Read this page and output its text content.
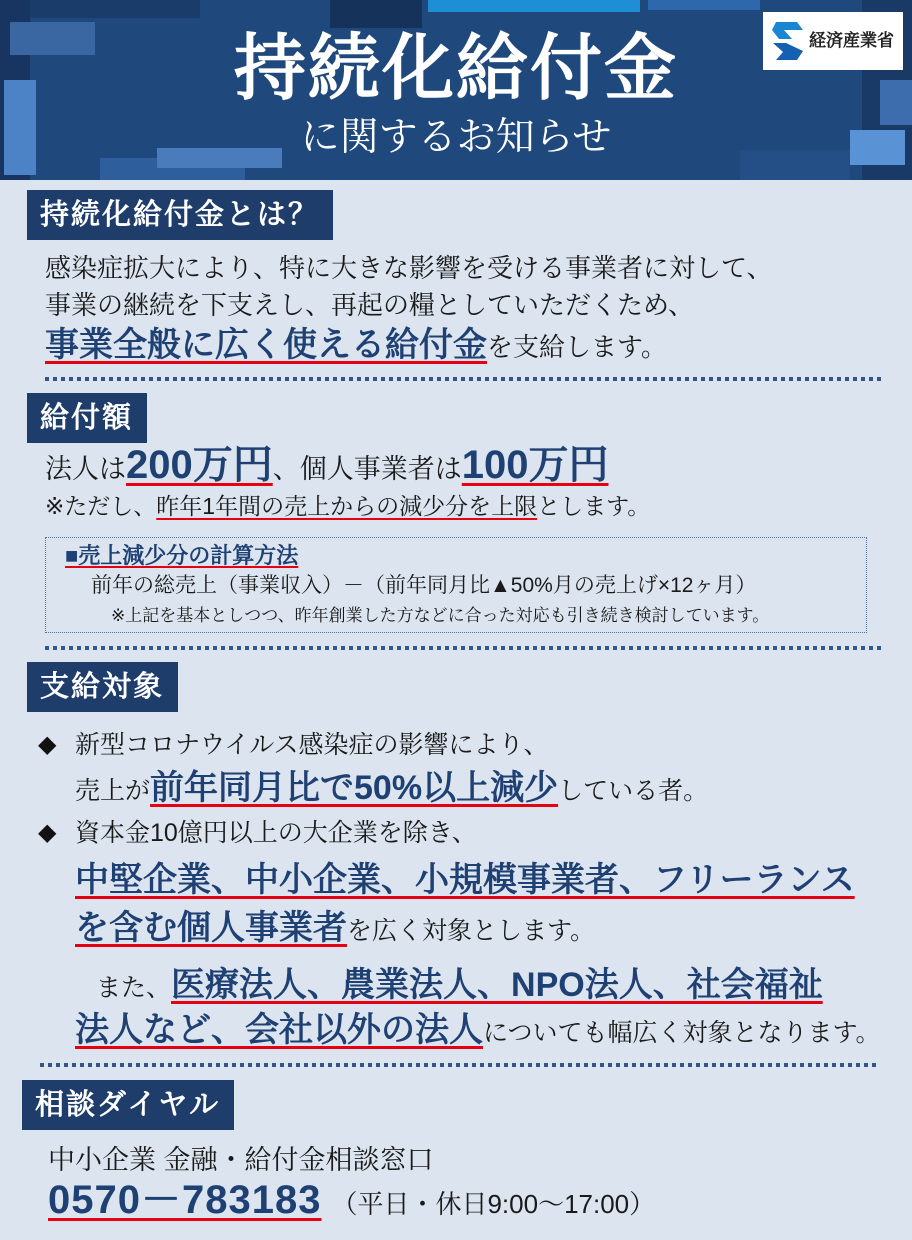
持続化給付金
に関するお知らせ
経済産業省
持続化給付金とは？
感染症拡大により、特に大きな影響を受ける事業者に対して、
事業の継続を下支えし、再起の糧としていただくため、
事業全般に広く使える給付金を支給します。
給付額
法人は200万円、個人事業者は100万円
※ただし、昨年1年間の売上からの減少分を上限とします。
■売上減少分の計算方法
前年の総売上（事業収入）－（前年同月比▲50%月の売上げ×12ヶ月）
※上記を基本としつつ、昨年創業した方などに合った対応も引き続き検討しています。
支給対象
◆ 新型コロナウイルス感染症の影響により、
売上が前年同月比で50%以上減少している者。
◆ 資本金10億円以上の大企業を除き、
中堅企業、中小企業、小規模事業者、フリーランス
を含む個人事業者を広く対象とします。
また、医療法人、農業法人、NPO法人、社会福祉
法人など、会社以外の法人についても幅広く対象となります。
相談ダイヤル
中小企業 金融・給付金相談窓口
0570－783183 （平日・休日9:00〜17:00）
